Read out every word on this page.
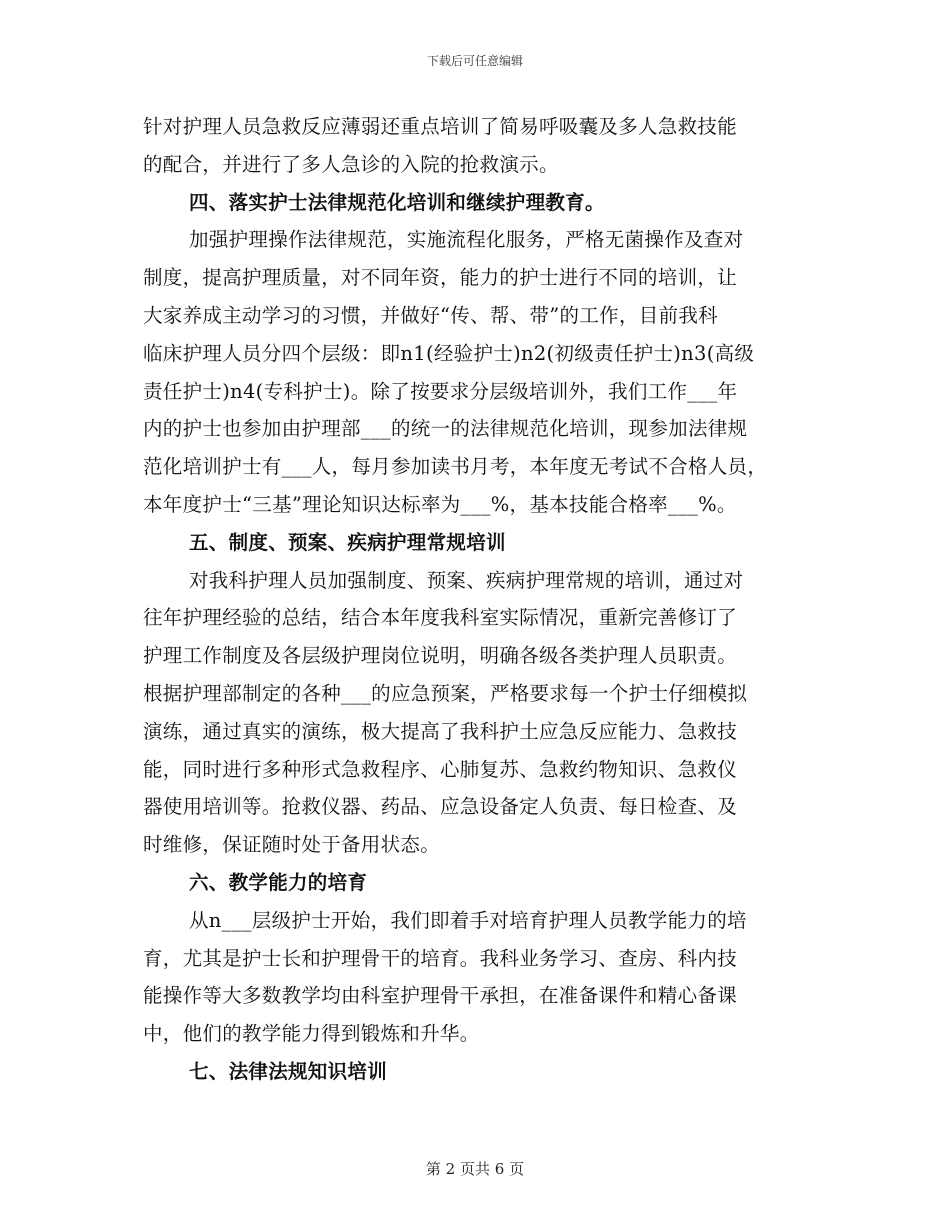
下载后可任意编辑
针对护理人员急救反应薄弱还重点培训了简易呼吸囊及多人急救技能
的配合，并进行了多人急诊的入院的抢救演示。
四、落实护士法律规范化培训和继续护理教育。
加强护理操作法律规范，实施流程化服务，严格无菌操作及查对
制度，提高护理质量，对不同年资，能力的护士进行不同的培训，让
大家养成主动学习的习惯，并做好“传、帮、带”的工作，目前我科
临床护理人员分四个层级：即n1(经验护士)n2(初级责任护士)n3(高级
责任护士)n4(专科护士)。除了按要求分层级培训外，我们工作___年
内的护士也参加由护理部___的统一的法律规范化培训，现参加法律规
范化培训护士有___人，每月参加读书月考，本年度无考试不合格人员，
本年度护士“三基”理论知识达标率为___%，基本技能合格率___%。
五、制度、预案、疾病护理常规培训
对我科护理人员加强制度、预案、疾病护理常规的培训，通过对
往年护理经验的总结，结合本年度我科室实际情况，重新完善修订了
护理工作制度及各层级护理岗位说明，明确各级各类护理人员职责。
根据护理部制定的各种___的应急预案，严格要求每一个护士仔细模拟
演练，通过真实的演练，极大提高了我科护土应急反应能力、急救技
能，同时进行多种形式急救程序、心肺复苏、急救约物知识、急救仪
器使用培训等。抢救仪器、药品、应急设备定人负责、每日检查、及
时维修，保证随时处于备用状态。
六、教学能力的培育
从n___层级护士开始，我们即着手对培育护理人员教学能力的培
育，尤其是护士长和护理骨干的培育。我科业务学习、查房、科内技
能操作等大多数教学均由科室护理骨干承担，在准备课件和精心备课
中，他们的教学能力得到锻炼和升华。
七、法律法规知识培训
第 2 页共 6 页
